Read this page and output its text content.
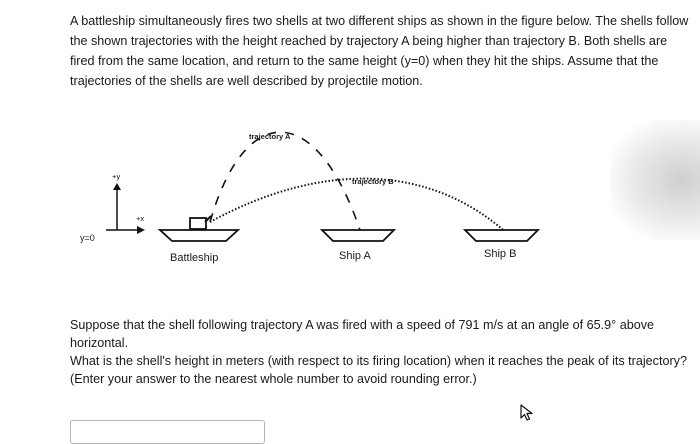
A battleship simultaneously fires two shells at two different ships as shown in the figure below. The shells follow the shown trajectories with the height reached by trajectory A being higher than trajectory B. Both shells are fired from the same location, and return to the same height (y=0) when they hit the ships. Assume that the trajectories of the shells are well described by projectile motion.

trajectory A
trajectory B
+y
+x
y=0
Battleship	Ship A	Ship B

Suppose that the shell following trajectory A was fired with a speed of 791 m/s at an angle of 65.9° above horizontal.
What is the shell's height in meters (with respect to its firing location) when it reaches the peak of its trajectory? (Enter your answer to the nearest whole number to avoid rounding error.)
